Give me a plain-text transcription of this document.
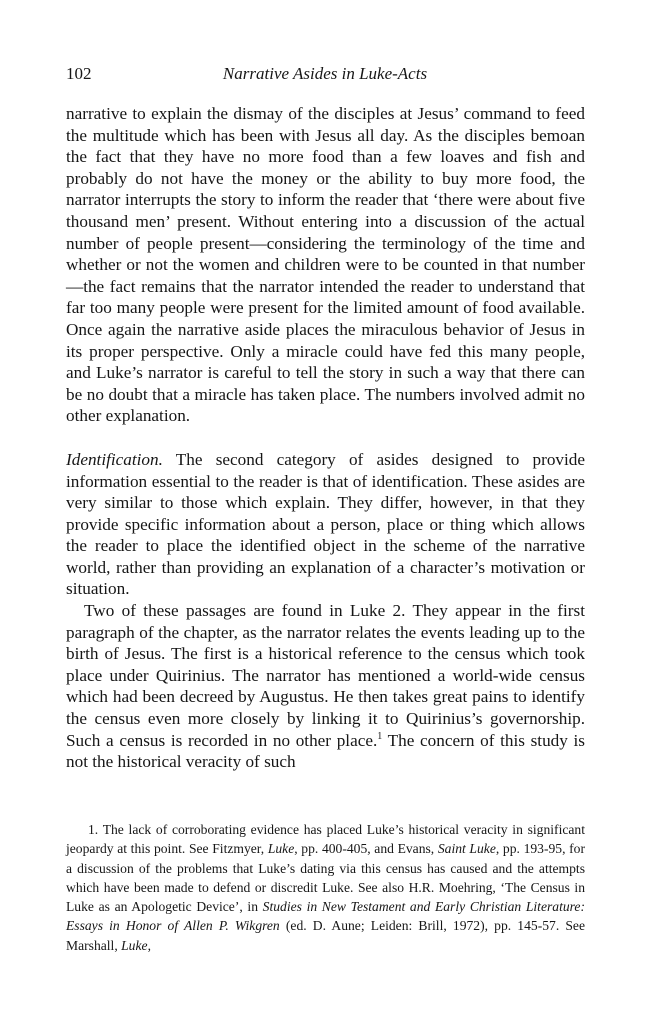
102	Narrative Asides in Luke-Acts

narrative to explain the dismay of the disciples at Jesus’ command to feed the multitude which has been with Jesus all day. As the disciples bemoan the fact that they have no more food than a few loaves and fish and probably do not have the money or the ability to buy more food, the narrator interrupts the story to inform the reader that ‘there were about five thousand men’ present. Without entering into a discussion of the actual number of people present—considering the terminology of the time and whether or not the women and children were to be counted in that number—the fact remains that the narrator intended the reader to understand that far too many people were present for the limited amount of food available. Once again the narrative aside places the miraculous behavior of Jesus in its proper perspective. Only a miracle could have fed this many people, and Luke’s narrator is careful to tell the story in such a way that there can be no doubt that a miracle has taken place. The numbers involved admit no other explanation.

Identification. The second category of asides designed to provide information essential to the reader is that of identification. These asides are very similar to those which explain. They differ, however, in that they provide specific information about a person, place or thing which allows the reader to place the identified object in the scheme of the narrative world, rather than providing an explanation of a character’s motivation or situation.

Two of these passages are found in Luke 2. They appear in the first paragraph of the chapter, as the narrator relates the events leading up to the birth of Jesus. The first is a historical reference to the census which took place under Quirinius. The narrator has mentioned a world-wide census which had been decreed by Augustus. He then takes great pains to identify the census even more closely by linking it to Quirinius’s governorship. Such a census is recorded in no other place.$^1$ The concern of this study is not the historical veracity of such

1. The lack of corroborating evidence has placed Luke’s historical veracity in significant jeopardy at this point. See Fitzmyer, Luke, pp. 400-405, and Evans, Saint Luke, pp. 193-95, for a discussion of the problems that Luke’s dating via this census has caused and the attempts which have been made to defend or discredit Luke. See also H.R. Moehring, ‘The Census in Luke as an Apologetic Device’, in Studies in New Testament and Early Christian Literature: Essays in Honor of Allen P. Wikgren (ed. D. Aune; Leiden: Brill, 1972), pp. 145-57. See Marshall, Luke,
